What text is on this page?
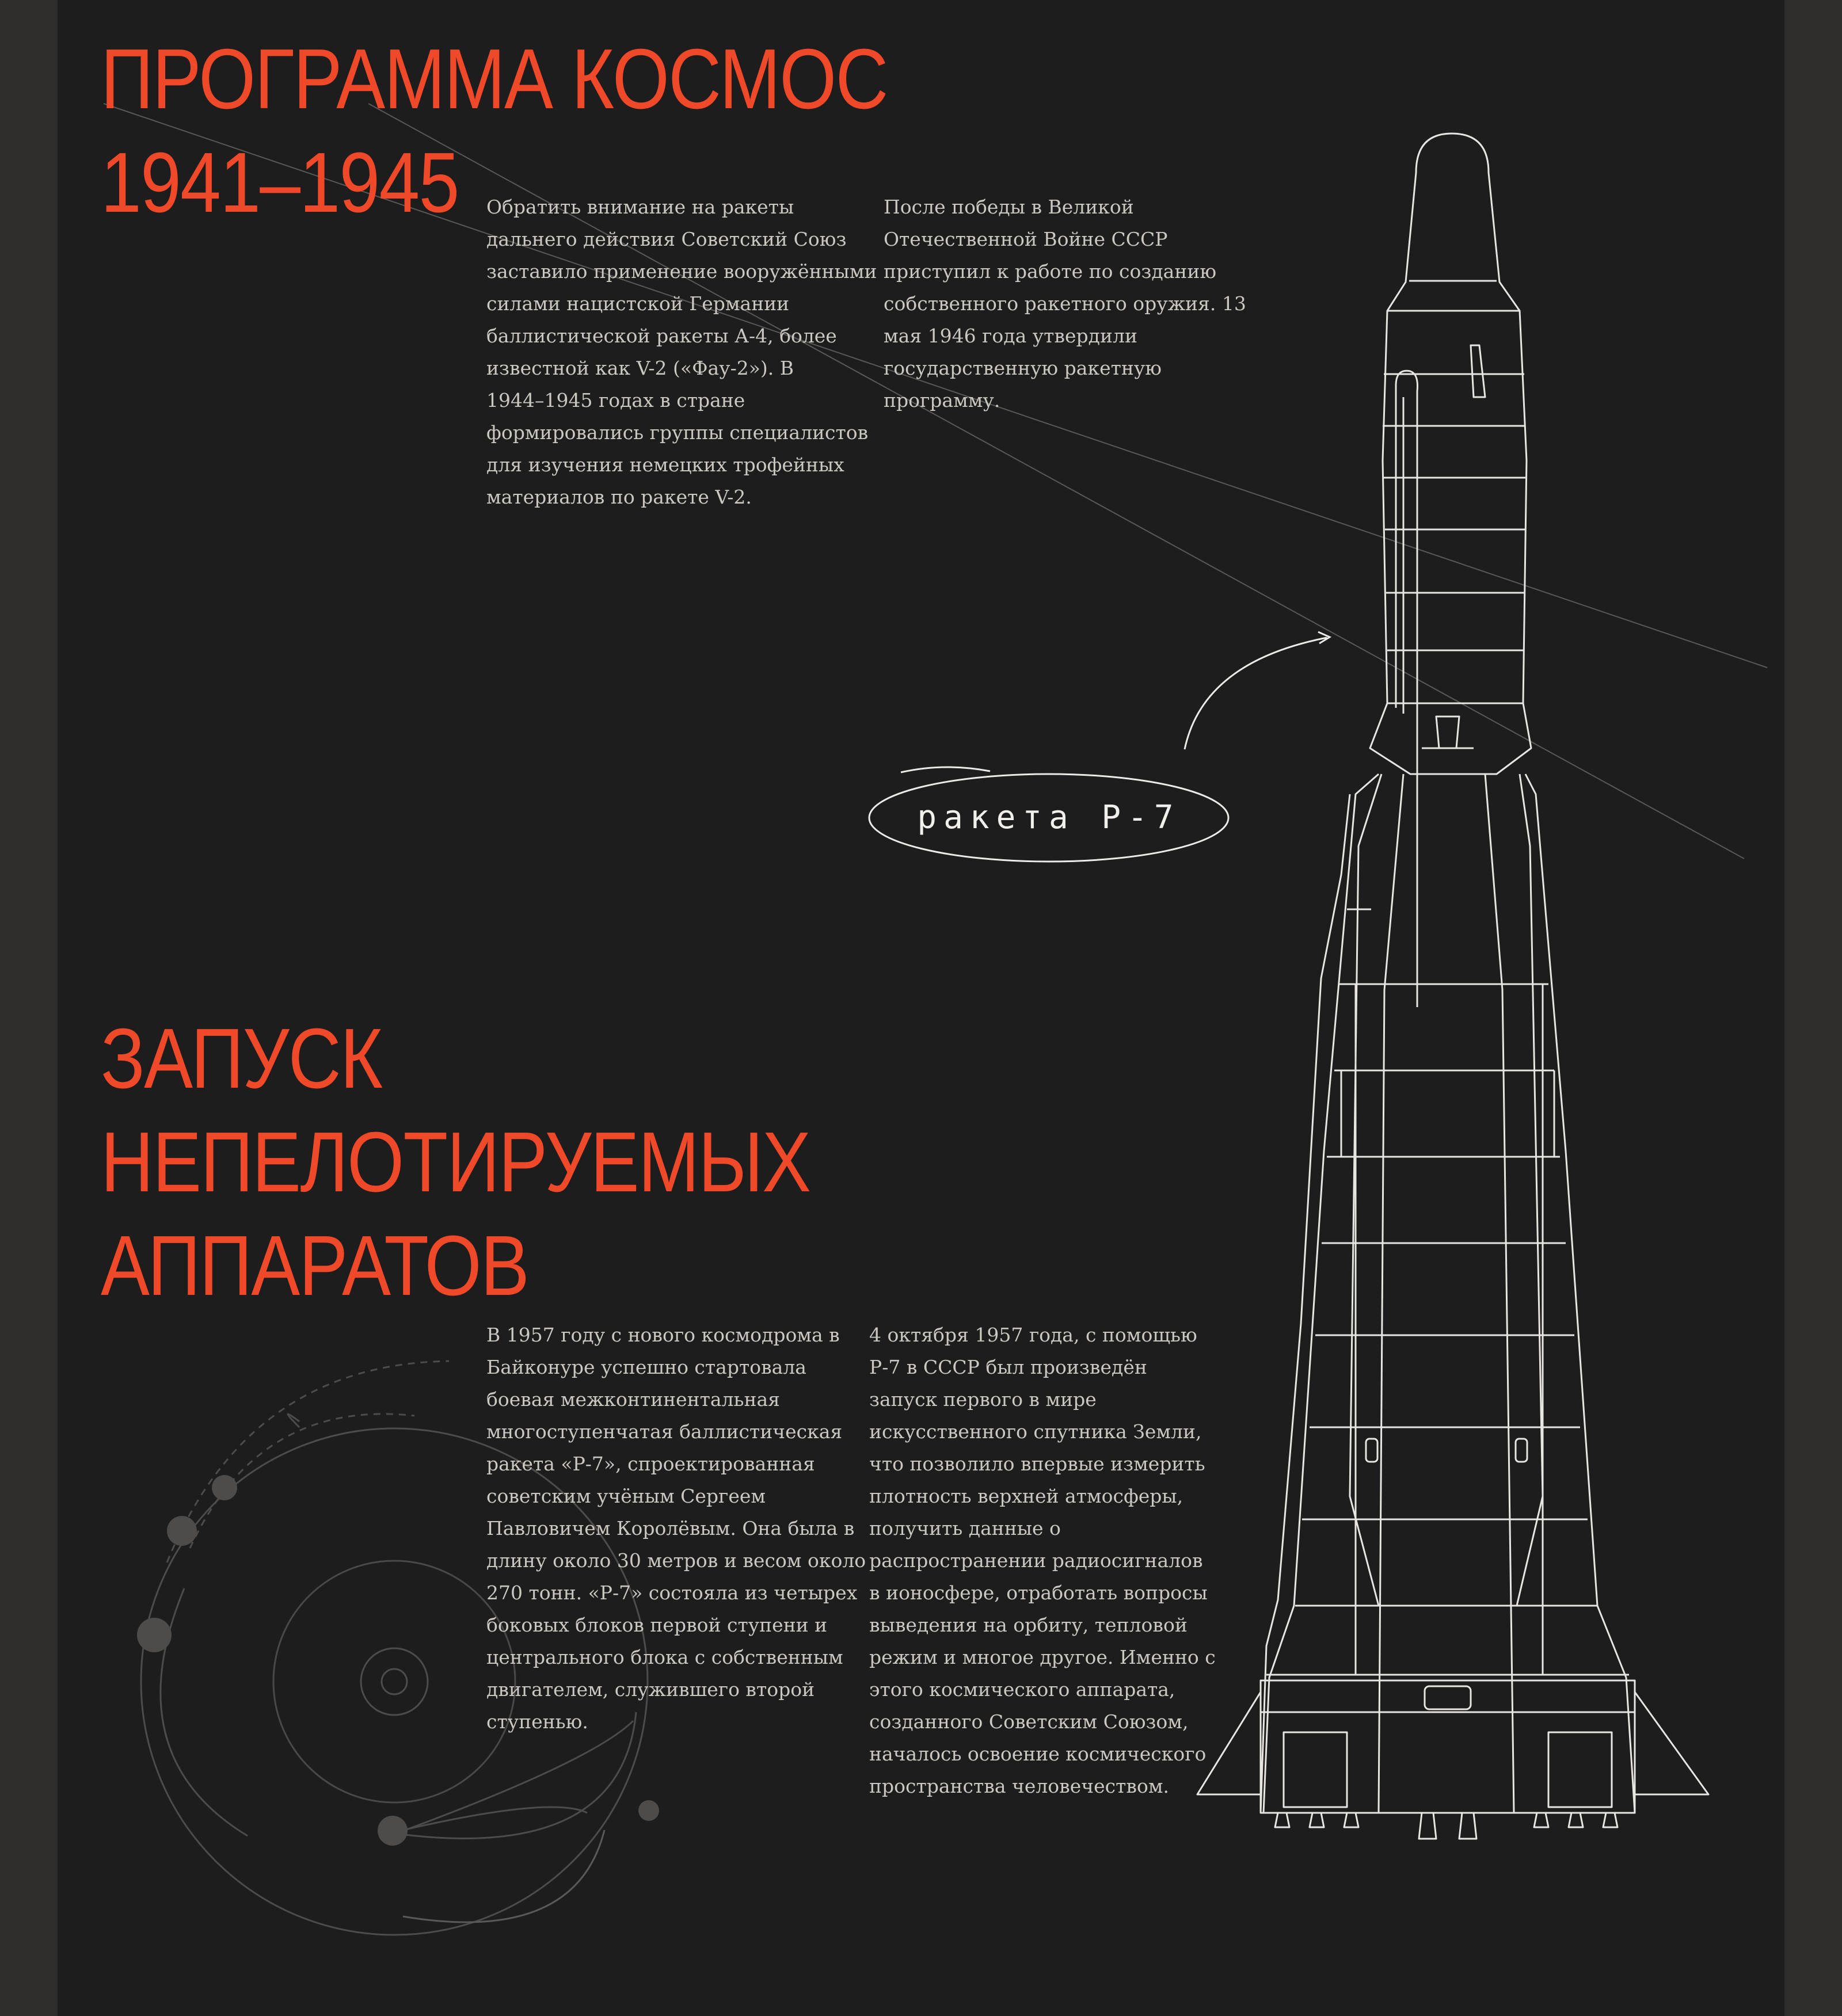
ПРОГРАММА КОСМОС
1941–1945	Обратить внимание на ракеты
дальнего действия Советский Союз
заставило применение вооружёнными
силами нацистской Германии
баллистической ракеты А-4, более
известной как V-2 («Фау-2»). В
1944–1945 годах в стране
формировались группы специалистов
для изучения немецких трофейных
материалов по ракете V-2.
После победы в Великой
Отечественной Войне СССР
приступил к работе по созданию
собственного ракетного оружия. 13
мая 1946 года утвердили
государственную ракетную
программу.
ракета Р-7
ЗАПУСК
НЕПЕЛОТИРУЕМЫХ
АППАРАТОВ
В 1957 году с нового космодрома в
Байконуре успешно стартовала
боевая межконтинентальная
многоступенчатая баллистическая
ракета «Р-7», спроектированная
советским учёным Сергеем
Павловичем Королёвым. Она была в
длину около 30 метров и весом около
270 тонн. «Р-7» состояла из четырех
боковых блоков первой ступени и
центрального блока с собственным
двигателем, служившего второй
ступенью.
4 октября 1957 года, с помощью
Р-7 в СССР был произведён
запуск первого в мире
искусственного спутника Земли,
что позволило впервые измерить
плотность верхней атмосферы,
получить данные о
распространении радиосигналов
в ионосфере, отработать вопросы
выведения на орбиту, тепловой
режим и многое другое. Именно с
этого космического аппарата,
созданного Советским Союзом,
началось освоение космического
пространства человечеством.
